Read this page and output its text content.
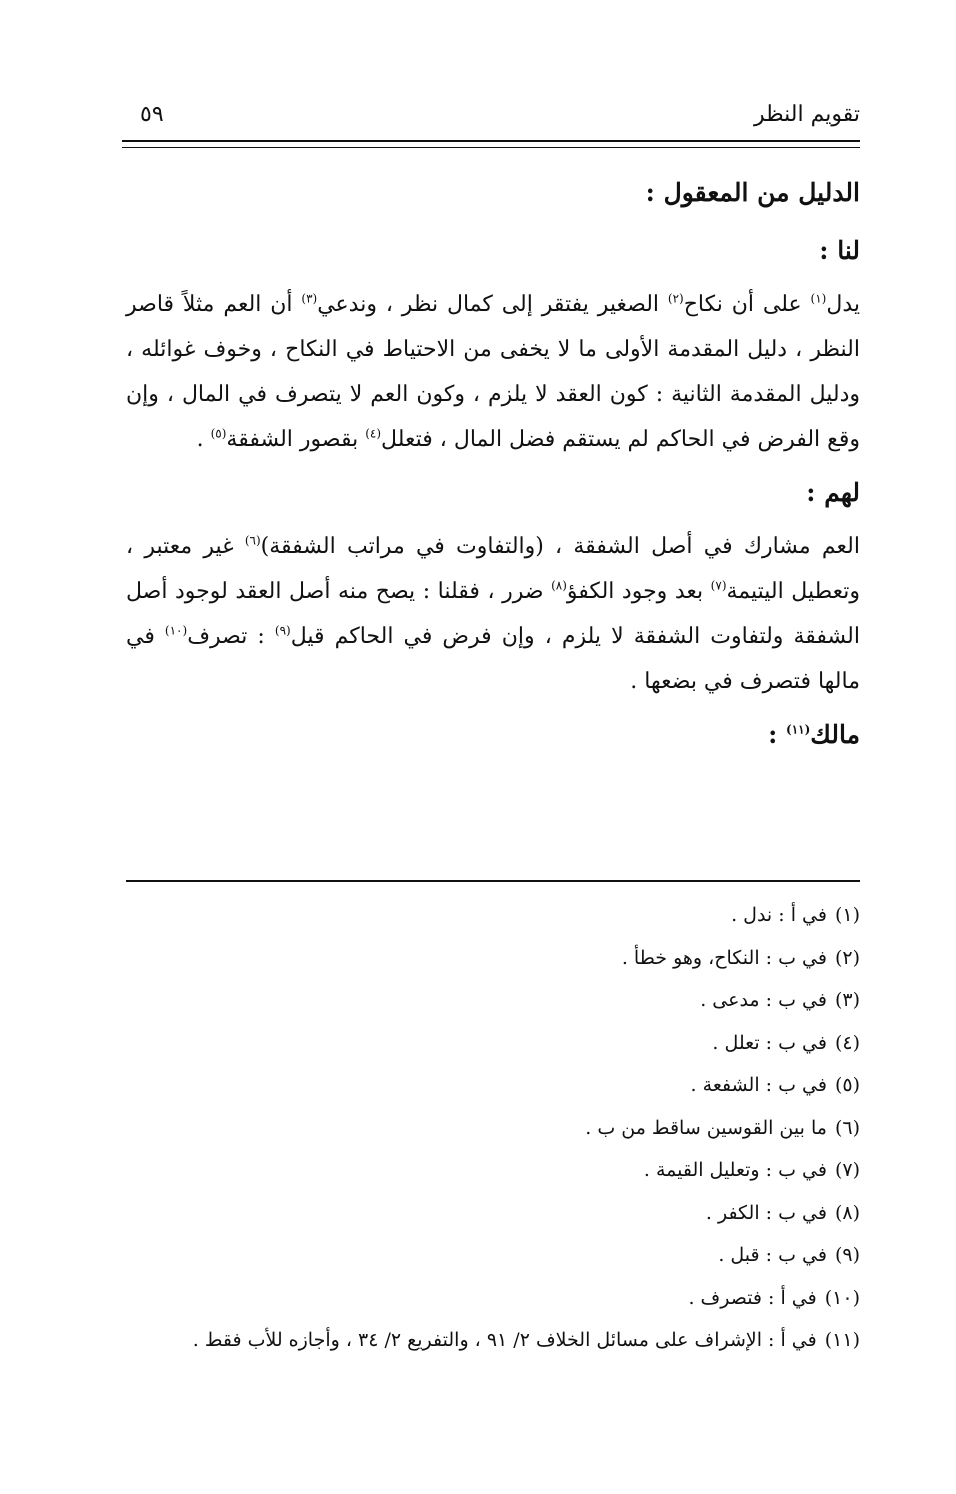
تقويم النظر
٥٩

الدليل من المعقول :

لنا :

يدل$^{(١)}$ على أن نكاح$^{(٢)}$ الصغير يفتقر إلى كمال نظر ، وندعي$^{(٣)}$ أن العم مثلاً قاصر النظر ، دليل المقدمة الأولى ما لا يخفى من الاحتياط في النكاح ، وخوف غوائله ، ودليل المقدمة الثانية : كون العقد لا يلزم ، وكون العم لا يتصرف في المال ، وإن وقع الفرض في الحاكم لم يستقم فضل المال ، فتعلل$^{(٤)}$ بقصور الشفقة$^{(٥)}$ .

لهم :

العم مشارك في أصل الشفقة ، (والتفاوت في مراتب الشفقة)$^{(٦)}$ غير معتبر ، وتعطيل اليتيمة$^{(٧)}$ بعد وجود الكفؤ$^{(٨)}$ ضرر ، فقلنا : يصح منه أصل العقد لوجود أصل الشفقة ولتفاوت الشفقة لا يلزم ، وإن فرض في الحاكم قيل$^{(٩)}$ : تصرف$^{(١٠)}$ في مالها فتصرف في بضعها .

مالك$^{(١١)}$ :

(١)في أ : ندل .

(٢)في ب : النكاح، وهو خطأ .

(٣)في ب : مدعى .

(٤)في ب : تعلل .

(٥)في ب : الشفعة .

(٦)ما بين القوسين ساقط من ب .

(٧)في ب : وتعليل القيمة .

(٨)في ب : الكفر .

(٩)في ب : قبل .

(١٠)في أ : فتصرف .

(١١)في أ : الإشراف على مسائل الخلاف ٢/ ٩١ ، والتفريع ٢/ ٣٤ ، وأجازه للأب فقط .
